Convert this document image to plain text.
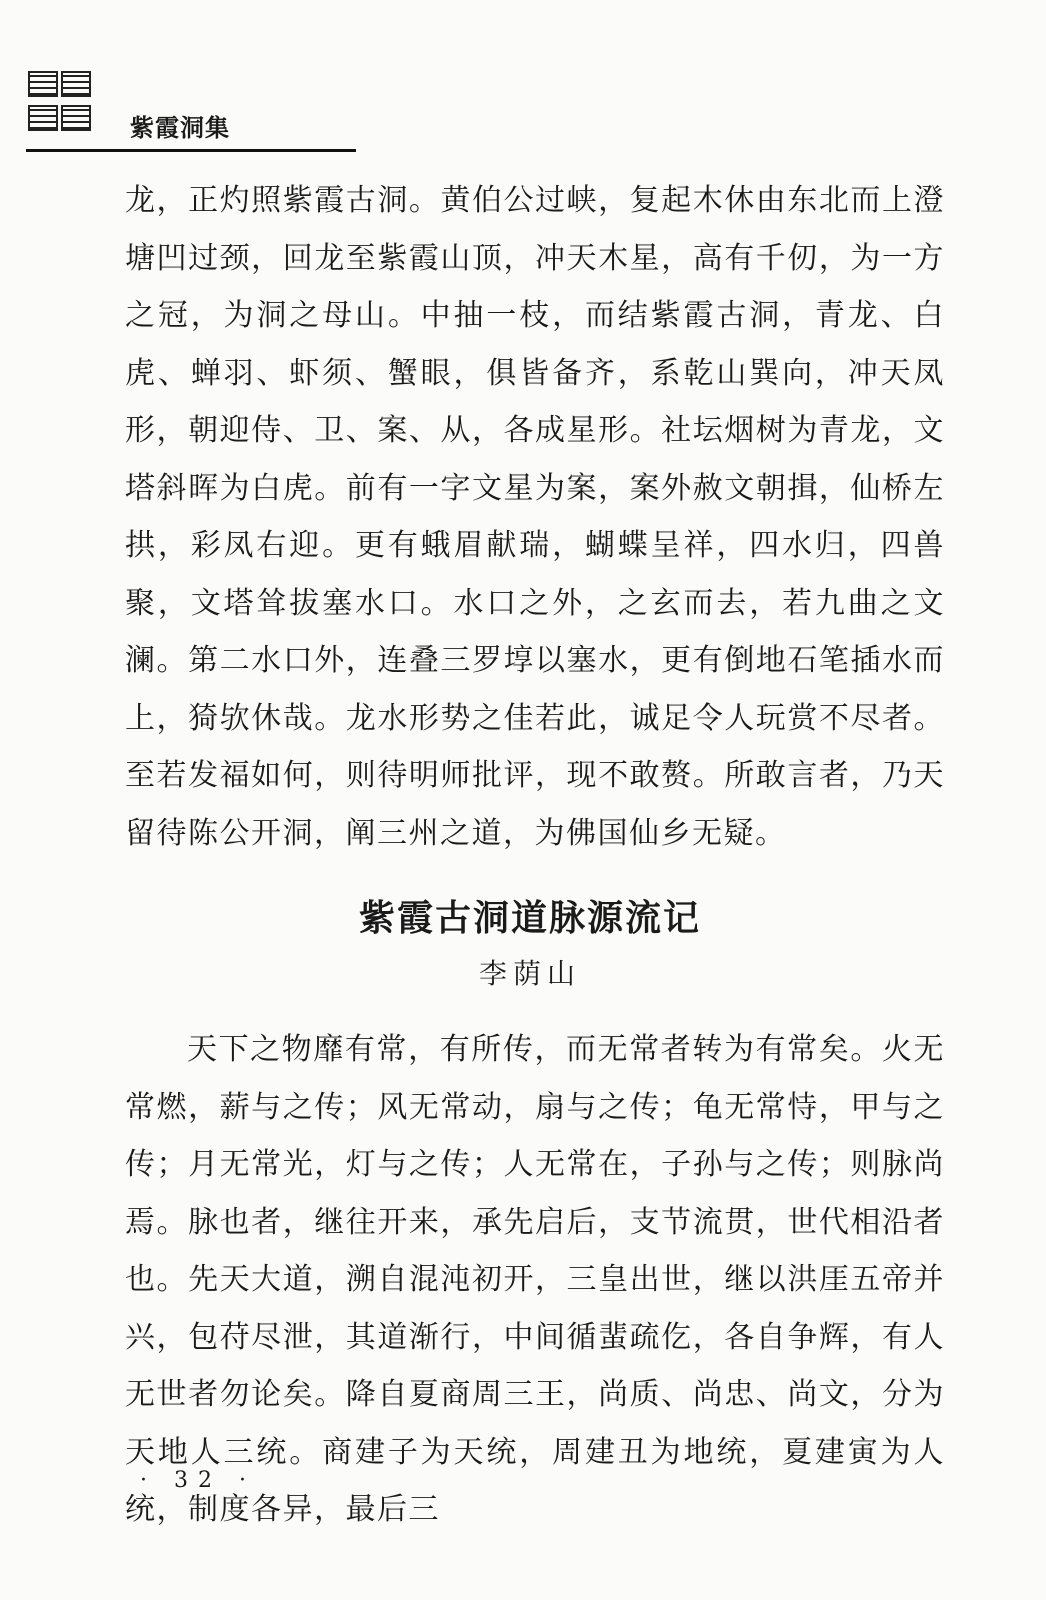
紫霞洞集

龙，正灼照紫霞古洞。黄伯公过峡，复起木休由东北而上澄塘凹过颈，回龙至紫霞山顶，冲天木星，高有千仞，为一方之冠，为洞之母山。中抽一枝，而结紫霞古洞，青龙、白虎、蝉羽、虾须、蟹眼，俱皆备齐，系乾山巽向，冲天凤形，朝迎侍、卫、案、从，各成星形。社坛烟树为青龙，文塔斜晖为白虎。前有一字文星为案，案外赦文朝揖，仙桥左拱，彩凤右迎。更有蛾眉献瑞，蝴蝶呈祥，四水归，四兽聚，文塔耸拔塞水口。水口之外，之玄而去，若九曲之文澜。第二水口外，连叠三罗埻以塞水，更有倒地石笔插水而上，猗欤休哉。龙水形势之佳若此，诚足令人玩赏不尽者。至若发福如何，则待明师批评，现不敢赘。所敢言者，乃天留待陈公开洞，阐三州之道，为佛国仙乡无疑。

紫霞古洞道脉源流记

李荫山

天下之物靡有常，有所传，而无常者转为有常矣。火无常燃，薪与之传；风无常动，扇与之传；龟无常恃，甲与之传；月无常光，灯与之传；人无常在，子孙与之传；则脉尚焉。脉也者，继往开来，承先启后，支节流贯，世代相沿者也。先天大道，溯自混沌初开，三皇出世，继以洪厓五帝并兴，包苻尽泄，其道渐行，中间循蜚疏仡，各自争辉，有人无世者勿论矣。降自夏商周三王，尚质、尚忠、尚文，分为天地人三统。商建子为天统，周建丑为地统，夏建寅为人统，制度各异，最后三

· 32 ·
